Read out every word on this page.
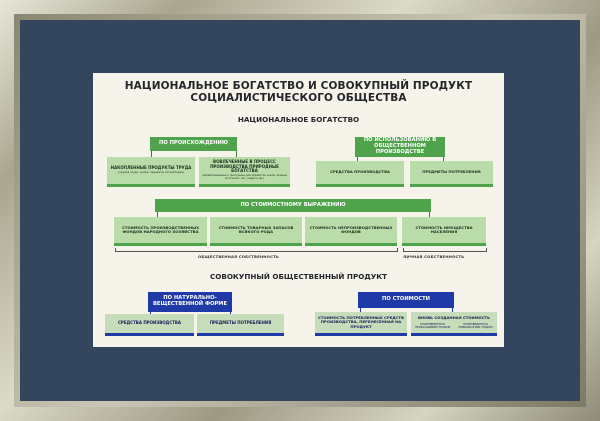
НАЦИОНАЛЬНОЕ БОГАТСТВО И СОВОКУПНЫЙ ПРОДУКТ
СОЦИАЛИСТИЧЕСКОГО ОБЩЕСТВА
НАЦИОНАЛЬНОЕ БОГАТСТВО
ПО ПРОИСХОЖДЕНИЮ
НАКОПЛЕННЫЕ ПРОДУКТЫ ТРУДА
(орудия труда, жилье, предметы потребления)
ВОВЛЕЧЕННЫЕ В ПРОЦЕСС ПРОИЗВОДСТВА ПРИРОДНЫЕ БОГАТСТВА
(обрабатываемые и пригодные для обработки земли, водные источники, лес, недра и др.)
ПО ИСПОЛЬЗОВАНИЮ В ОБЩЕСТВЕННОМ ПРОИЗВОДСТВЕ
СРЕДСТВА ПРОИЗВОДСТВА	ПРЕДМЕТЫ ПОТРЕБЛЕНИЯ
ПО СТОИМОСТНОМУ ВЫРАЖЕНИЮ
СТОИМОСТЬ ПРОИЗВОДСТВЕННЫХ ФОНДОВ НАРОДНОГО ХОЗЯЙСТВА
СТОИМОСТЬ ТОВАРНЫХ ЗАПАСОВ ВСЯКОГО РОДА
СТОИМОСТЬ НЕПРОИЗВОДСТВЕННЫХ ФОНДОВ
СТОИМОСТЬ ИМУЩЕСТВА НАСЕЛЕНИЯ
ОБЩЕСТВЕННАЯ СОБСТВЕННОСТЬ	ЛИЧНАЯ СОБСТВЕННОСТЬ
СОВОКУПНЫЙ ОБЩЕСТВЕННЫЙ ПРОДУКТ
ПО НАТУРАЛЬНО-ВЕЩЕСТВЕННОЙ ФОРМЕ
СРЕДСТВА ПРОИЗВОДСТВА	ПРЕДМЕТЫ ПОТРЕБЛЕНИЯ
ПО СТОИМОСТИ
СТОИМОСТЬ ПОТРЕБЛЕННЫХ СРЕДСТВ ПРОИЗВОДСТВА, ПЕРЕНЕСЕННАЯ НА ПРОДУКТ
ВНОВЬ СОЗДАННАЯ СТОИМОСТЬ
ПРОИЗВЕДЕННАЯ НЕОБХОДИМЫМ ТРУДОМ
ПРОИЗВЕДЕННАЯ ПРИБАВОЧНЫМ ТРУДОМ
